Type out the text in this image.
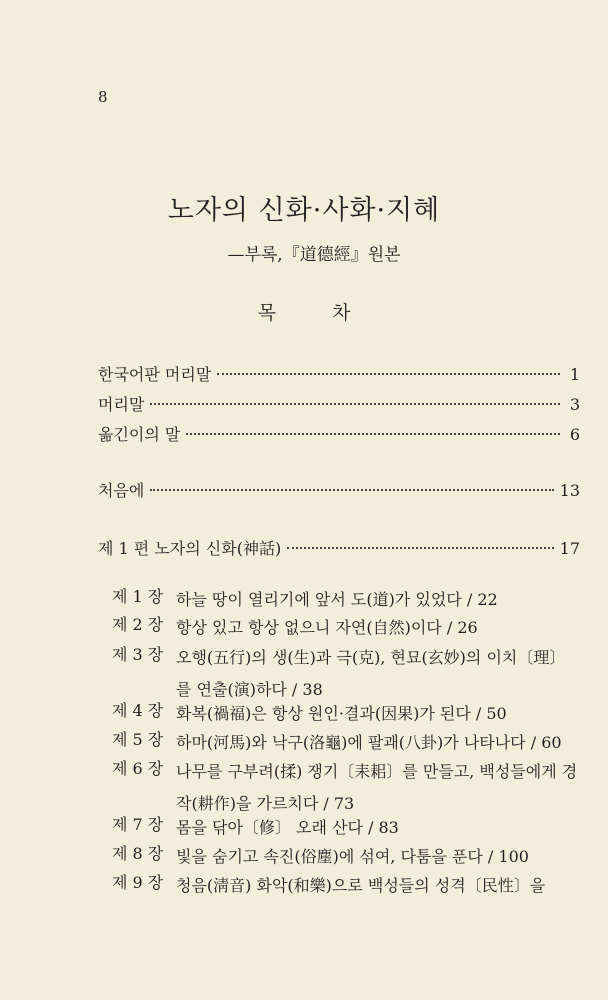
8
노자의 신화·사화·지혜
—부록,『道德經』원본
목 차
한국어판 머리말	1
머리말	3
옮긴이의 말	6
처음에	13
제 1 편 노자의 신화(神話)	17
제 1 장 하늘 땅이 열리기에 앞서 도(道)가 있었다 / 22
제 2 장 항상 있고 항상 없으니 자연(自然)이다 / 26
제 3 장 오행(五行)의 생(生)과 극(克), 현묘(玄妙)의 이치〔理〕를 연출(演)하다 / 38
제 4 장 화복(禍福)은 항상 원인·결과(因果)가 된다 / 50
제 5 장 하마(河馬)와 낙구(洛龜)에 팔괘(八卦)가 나타나다 / 60
제 6 장 나무를 구부려(揉) 쟁기〔耒耜〕를 만들고, 백성들에게 경작(耕作)을 가르치다 / 73
제 7 장 몸을 닦아〔修〕 오래 산다 / 83
제 8 장 빛을 숨기고 속진(俗塵)에 섞여, 다툼을 푼다 / 100
제 9 장 청음(淸音) 화악(和樂)으로 백성들의 성격〔民性〕을
